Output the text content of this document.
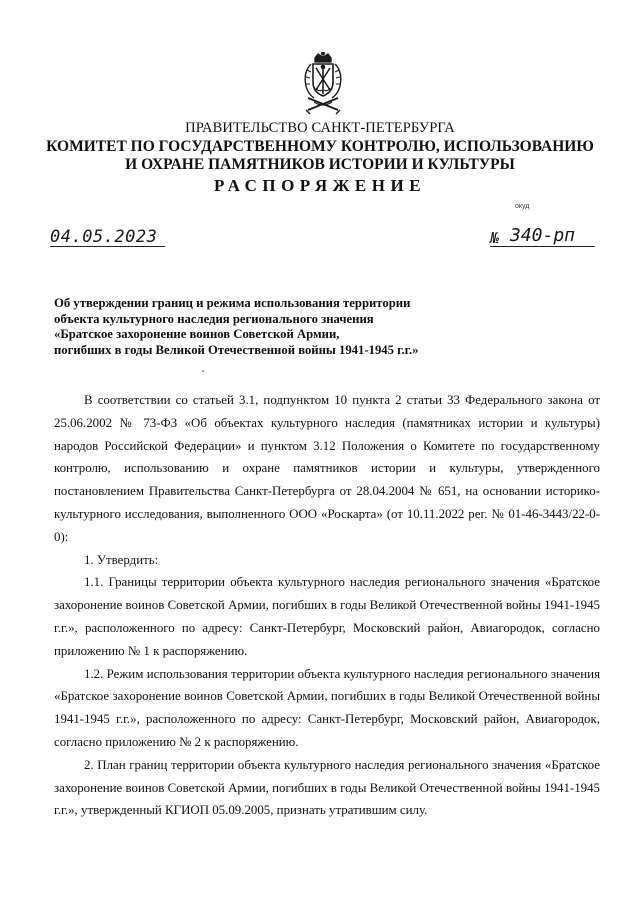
ПРАВИТЕЛЬСТВО САНКТ-ПЕТЕРБУРГА
КОМИТЕТ ПО ГОСУДАРСТВЕННОМУ КОНТРОЛЮ, ИСПОЛЬЗОВАНИЮ
И ОХРАНЕ ПАМЯТНИКОВ ИСТОРИИ И КУЛЬТУРЫ
РАСПОРЯЖЕНИЕ
окуд
04.05.2023	№ 340-рп
Об утверждении границ и режима использования территории
объекта культурного наследия регионального значения
«Братское захоронение воинов Советской Армии,
погибших в годы Великой Отечественной войны 1941-1945 г.г.»

В соответствии со статьей 3.1, подпунктом 10 пункта 2 статьи 33 Федерального закона от 25.06.2002 № 73-ФЗ «Об объектах культурного наследия (памятниках истории и культуры) народов Российской Федерации» и пунктом 3.12 Положения о Комитете по государственному контролю, использованию и охране памятников истории и культуры, утвержденного постановлением Правительства Санкт-Петербурга от 28.04.2004 № 651, на основании историко-культурного исследования, выполненного ООО «Роскарта» (от 10.11.2022 рег. № 01-46-3443/22-0-0):

1. Утвердить:

1.1. Границы территории объекта культурного наследия регионального значения «Братское захоронение воинов Советской Армии, погибших в годы Великой Отечественной войны 1941-1945 г.г.», расположенного по адресу: Санкт-Петербург, Московский район, Авиагородок, согласно приложению № 1 к распоряжению.

1.2. Режим использования территории объекта культурного наследия регионального значения «Братское захоронение воинов Советской Армии, погибших в годы Великой Отечественной войны 1941-1945 г.г.», расположенного по адресу: Санкт-Петербург, Московский район, Авиагородок, согласно приложению № 2 к распоряжению.

2. План границ территории объекта культурного наследия регионального значения «Братское захоронение воинов Советской Армии, погибших в годы Великой Отечественной войны 1941-1945 г.г.», утвержденный КГИОП 05.09.2005, признать утратившим силу.
